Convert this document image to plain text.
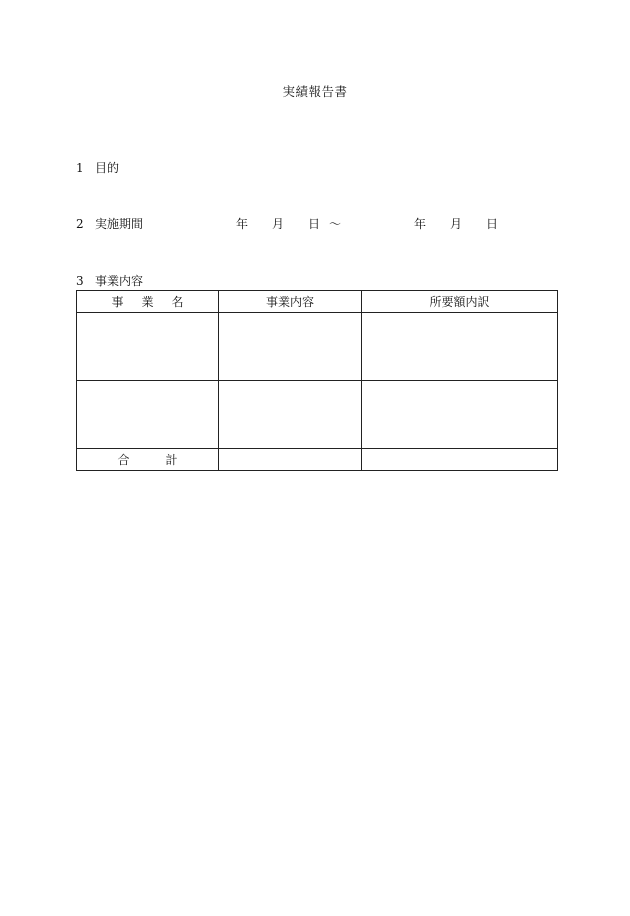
実績報告書
1 目的
2 実施期間	年 月 日 ～	年 月 日
3 事業内容
事 業 名	事業内容	所要額内訳

合 計		
